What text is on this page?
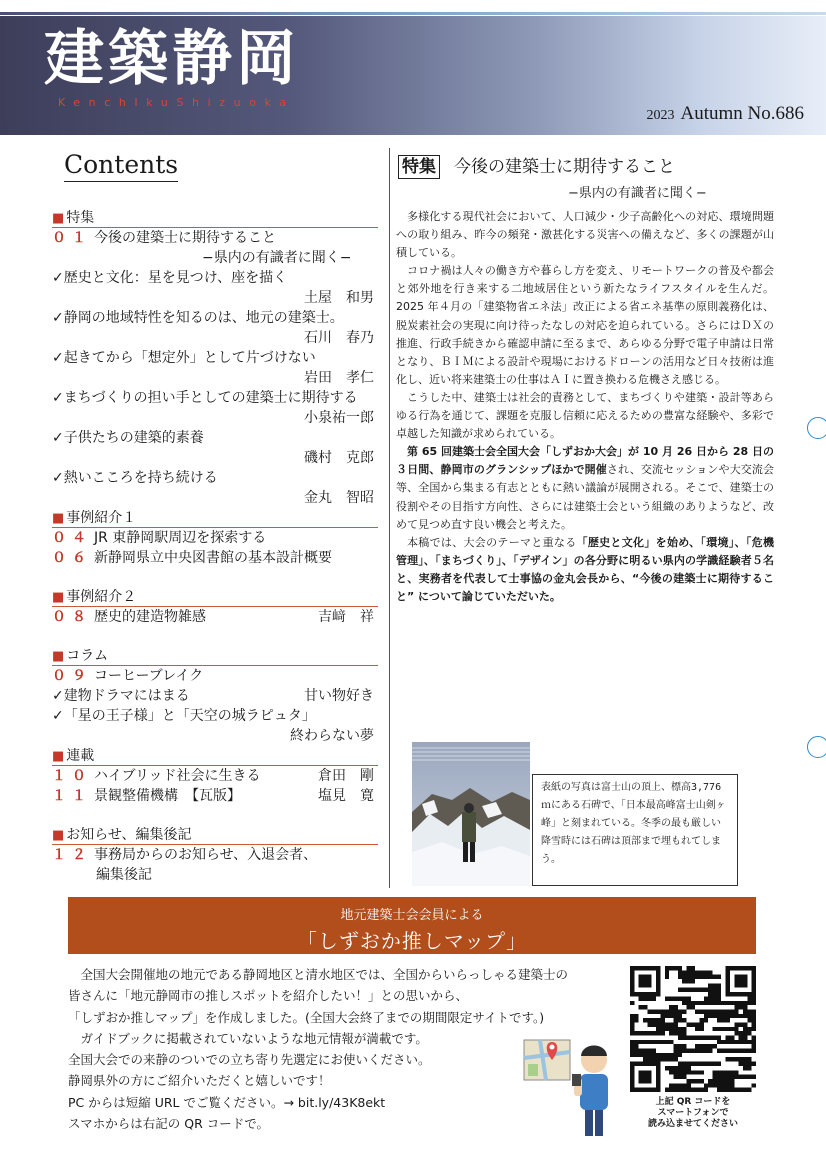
建築静岡
KenchIkuShizuoka
2023 Autumn No.686
Contents
■ 特集
０１ 今後の建築士に期待すること
−県内の有識者に聞く−
✓歴史と文化：星を見つけ、座を描く
土屋　和男
✓静岡の地域特性を知るのは、地元の建築士。
石川　春乃
✓起きてから「想定外」として片づけない
岩田　孝仁
✓まちづくりの担い手としての建築士に期待する
小泉祐一郎
✓子供たちの建築的素養
磯村　克郎
✓熱いこころを持ち続ける
金丸　智昭
■ 事例紹介１
０４ JR 東静岡駅周辺を探索する
０６ 新静岡県立中央図書館の基本設計概要
■ 事例紹介２
０８ 歴史的建造物雑感	吉﨑　祥
■ コラム
０９ コーヒーブレイク
✓建物ドラマにはまる	甘い物好き
✓「星の王子様」と「天空の城ラピュタ」
終わらない夢
■ 連載
１０ ハイブリッド社会に生きる	倉田　剛
１１ 景観整備機構　【瓦版】	塩見　寛
■ お知らせ、編集後記
１２ 事務局からのお知らせ、入退会者、
編集後記
特集 今後の建築士に期待すること
−県内の有識者に聞く−

多様化する現代社会において、人口減少・少子高齢化への対応、環境問題への取り組み、昨今の頻発・激甚化する災害への備えなど、多くの課題が山積している。

コロナ禍は人々の働き方や暮らし方を変え、リモートワークの普及や都会と郊外地を行き来する二地域居住という新たなライフスタイルを生んだ。2025 年４月の「建築物省エネ法」改正による省エネ基準の原則義務化は、脱炭素社会の実現に向け待ったなしの対応を迫られている。さらにはＤＸの推進、行政手続きから確認申請に至るまで、あらゆる分野で電子申請は日常となり、ＢＩＭによる設計や現場におけるドローンの活用など日々技術は進化し、近い将来建築士の仕事はＡＩに置き換わる危機さえ感じる。

こうした中、建築士は社会的責務として、まちづくりや建築・設計等あらゆる行為を通じて、課題を克服し信頼に応えるための豊富な経験や、多彩で卓越した知識が求められている。

第 65 回建築士会全国大会「しずおか大会」が 10 月 26 日から 28 日の３日間、静岡市のグランシップほかで開催され、交流セッションや大交流会等、全国から集まる有志とともに熱い議論が展開される。そこで、建築士の役割やその目指す方向性、さらには建築士会という組織のありようなど、改めて見つめ直す良い機会と考えた。

本稿では、大会のテーマと重なる「歴史と文化」を始め、「環境」、「危機管理」、「まちづくり」、「デザイン」の各分野に明るい県内の学識経験者５名と、実務者を代表して士事協の金丸会長から、“今後の建築士に期待すること” について論じていただいた。

表紙の写真は富士山の頂上、標高3,776ｍにある石碑で、「日本最高峰富士山剣ヶ峰」と刻まれている。冬季の最も厳しい降雪時には石碑は頂部まで埋もれてしまう。
地元建築士会会員による
「しずおか推しマップ」
全国大会開催地の地元である静岡地区と清水地区では、全国からいらっしゃる建築士の
皆さんに「地元静岡市の推しスポットを紹介したい！」との思いから、
「しずおか推しマップ」を作成しました。(全国大会終了までの期間限定サイトです。)
ガイドブックに掲載されていないような地元情報が満載です。
全国大会での来静のついでの立ち寄り先選定にお使いください。
静岡県外の方にご紹介いただくと嬉しいです！
PC からは短縮 URL でご覧ください。→ bit.ly/43K8ekt
スマホからは右記の QR コードで。
上記 QR コードを
スマートフォンで
読み込ませてください
